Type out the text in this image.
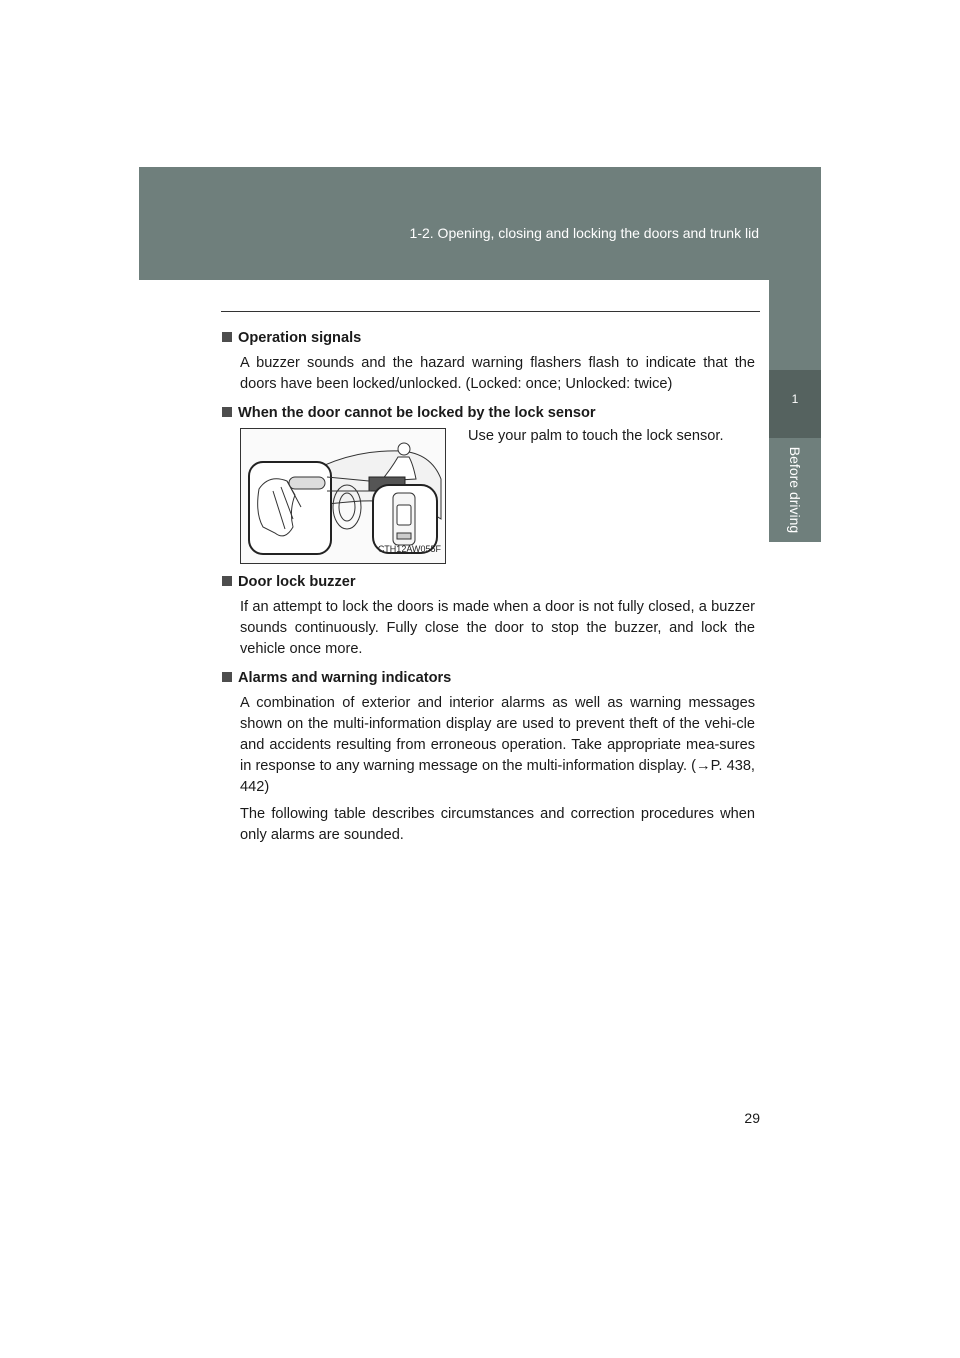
1-2. Opening, closing and locking the doors and trunk lid
1
Before driving
Operation signals
A buzzer sounds and the hazard warning flashers flash to indicate that the doors have been locked/unlocked. (Locked: once; Unlocked: twice)
When the door cannot be locked by the lock sensor
CTH12AW055F
Use your palm to touch the lock sensor.
Door lock buzzer
If an attempt to lock the doors is made when a door is not fully closed, a buzzer sounds continuously. Fully close the door to stop the buzzer, and lock the vehicle once more.
Alarms and warning indicators
A combination of exterior and interior alarms as well as warning messages shown on the multi-information display are used to prevent theft of the vehi-cle and accidents resulting from erroneous operation. Take appropriate mea-sures in response to any warning message on the multi-information display. (→P. 438, 442)
The following table describes circumstances and correction procedures when only alarms are sounded.
29
